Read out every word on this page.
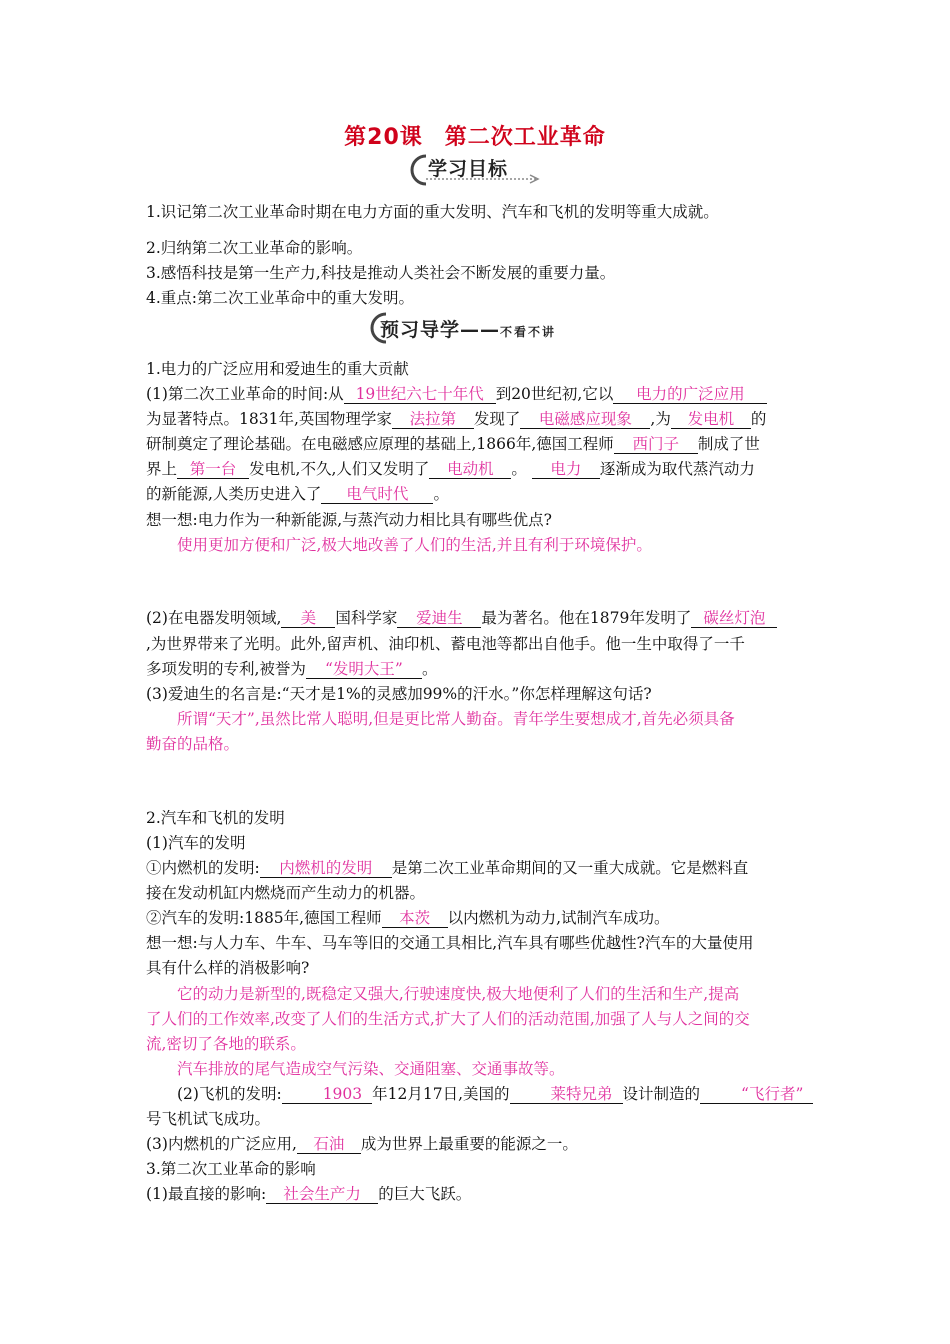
第20课 第二次工业革命
学习目标
1.识记第二次工业革命时期在电力方面的重大发明、汽车和飞机的发明等重大成就。
2.归纳第二次工业革命的影响。
3.感悟科技是第一生产力,科技是推动人类社会不断发展的重要力量。
4.重点:第二次工业革命中的重大发明。
预习导学——不看不讲
1.电力的广泛应用和爱迪生的重大贡献
(1)第二次工业革命的时间:从 19世纪六七十年代 到20世纪初,它以 电力的广泛应用
为显著特点。1831年,英国物理学家 法拉第 发现了 电磁感应现象 ,为 发电机 的
研制奠定了理论基础。在电磁感应原理的基础上,1866年,德国工程师 西门子 制成了世
界上 第一台 发电机,不久,人们又发明了 电动机 。 电力 逐渐成为取代蒸汽动力
的新能源,人类历史进入了 电气时代 。
想一想:电力作为一种新能源,与蒸汽动力相比具有哪些优点?
使用更加方便和广泛,极大地改善了人们的生活,并且有利于环境保护。
(2)在电器发明领域, 美 国科学家 爱迪生 最为著名。他在1879年发明了 碳丝灯泡
,为世界带来了光明。此外,留声机、油印机、蓄电池等都出自他手。他一生中取得了一千
多项发明的专利,被誉为 “发明大王” 。
(3)爱迪生的名言是:“天才是1%的灵感加99%的汗水。”你怎样理解这句话?
所谓“天才”,虽然比常人聪明,但是更比常人勤奋。青年学生要想成才,首先必须具备
勤奋的品格。
2.汽车和飞机的发明
(1)汽车的发明
①内燃机的发明: 内燃机的发明 是第二次工业革命期间的又一重大成就。它是燃料直
接在发动机缸内燃烧而产生动力的机器。
②汽车的发明:1885年,德国工程师 本茨 以内燃机为动力,试制汽车成功。
想一想:与人力车、牛车、马车等旧的交通工具相比,汽车具有哪些优越性?汽车的大量使用
具有什么样的消极影响?
它的动力是新型的,既稳定又强大,行驶速度快,极大地便利了人们的生活和生产,提高
了人们的工作效率,改变了人们的生活方式,扩大了人们的活动范围,加强了人与人之间的交
流,密切了各地的联系。
汽车排放的尾气造成空气污染、交通阻塞、交通事故等。
(2)飞机的发明:	1903 年12月17日,美国的	莱特兄弟 设计制造的	“飞行者”
号飞机试飞成功。
(3)内燃机的广泛应用, 石油 成为世界上最重要的能源之一。
3.第二次工业革命的影响
(1)最直接的影响: 社会生产力 的巨大飞跃。
